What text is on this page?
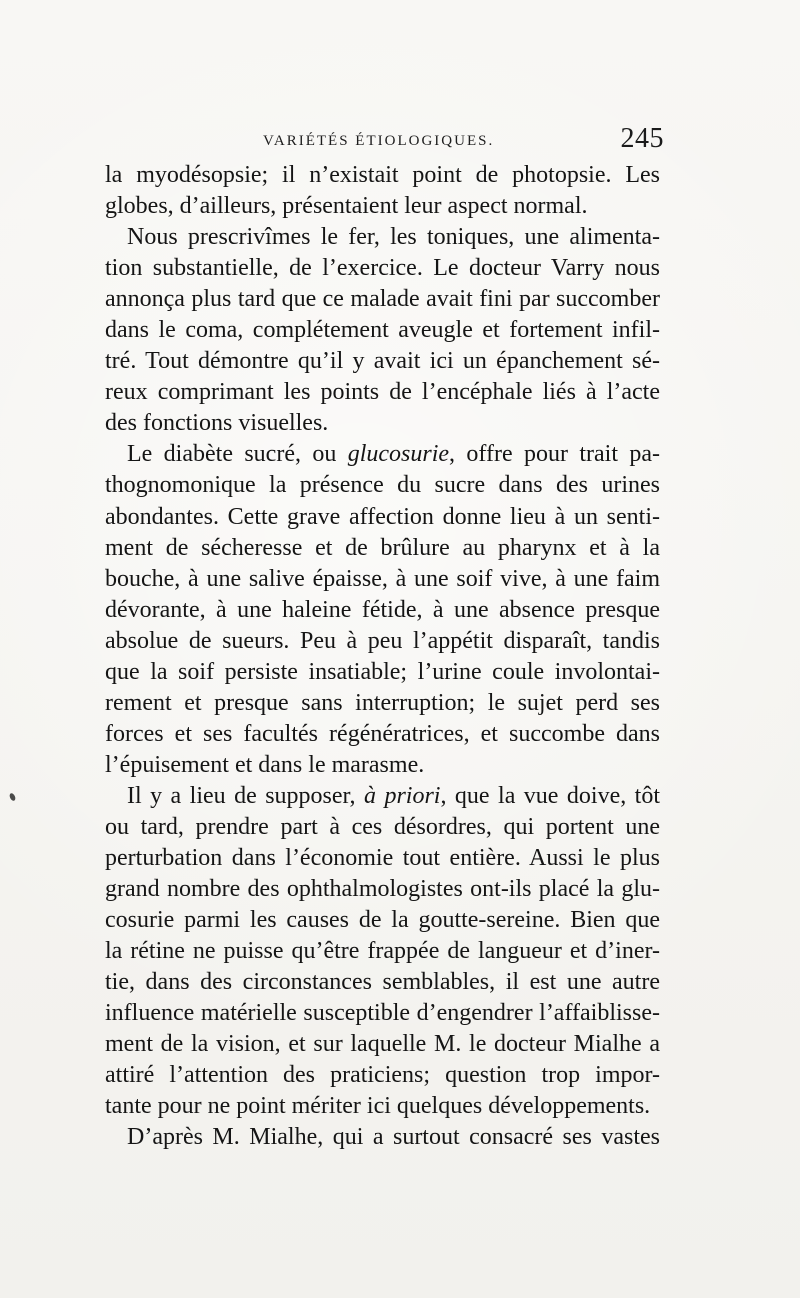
VARIÉTÉS ÉTIOLOGIQUES.	245
la myodésopsie; il n’existait point de photopsie. Les
globes, d’ailleurs, présentaient leur aspect normal.
Nous prescrivîmes le fer, les toniques, une alimenta-
tion substantielle, de l’exercice. Le docteur Varry nous
annonça plus tard que ce malade avait fini par succomber
dans le coma, complétement aveugle et fortement infil-
tré. Tout démontre qu’il y avait ici un épanchement sé-
reux comprimant les points de l’encéphale liés à l’acte
des fonctions visuelles.
Le diabète sucré, ou glucosurie, offre pour trait pa-
thognomonique la présence du sucre dans des urines
abondantes. Cette grave affection donne lieu à un senti-
ment de sécheresse et de brûlure au pharynx et à la
bouche, à une salive épaisse, à une soif vive, à une faim
dévorante, à une haleine fétide, à une absence presque
absolue de sueurs. Peu à peu l’appétit disparaît, tandis
que la soif persiste insatiable; l’urine coule involontai-
rement et presque sans interruption; le sujet perd ses
forces et ses facultés régénératrices, et succombe dans
l’épuisement et dans le marasme.
Il y a lieu de supposer, à priori, que la vue doive, tôt
ou tard, prendre part à ces désordres, qui portent une
perturbation dans l’économie tout entière. Aussi le plus
grand nombre des ophthalmologistes ont-ils placé la glu-
cosurie parmi les causes de la goutte-sereine. Bien que
la rétine ne puisse qu’être frappée de langueur et d’iner-
tie, dans des circonstances semblables, il est une autre
influence matérielle susceptible d’engendrer l’affaiblisse-
ment de la vision, et sur laquelle M. le docteur Mialhe a
attiré l’attention des praticiens; question trop impor-
tante pour ne point mériter ici quelques développements.
D’après M. Mialhe, qui a surtout consacré ses vastes
